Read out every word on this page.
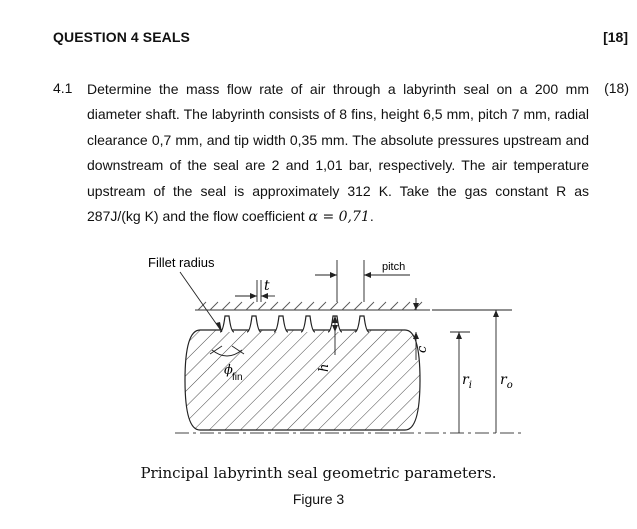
QUESTION 4 SEALS	[18]
4.1	(18)
Determine the mass flow rate of air through a labyrinth seal on a 200 mm diameter shaft. The labyrinth consists of 8 fins, height 6,5 mm, pitch 7 mm, radial clearance 0,7 mm, and tip width 0,35 mm. The absolute pressures upstream and downstream of the seal are 2 and 1,01 bar, respectively. The air temperature upstream of the seal is approximately 312 K. Take the gas constant R as 287J/(kg K) and the flow coefficient α = 0,71.
Fillet radius
t
pitch
c
h
ϕ fin	$r_i$ $r_o$
Principal labyrinth seal geometric parameters.
Figure 3
